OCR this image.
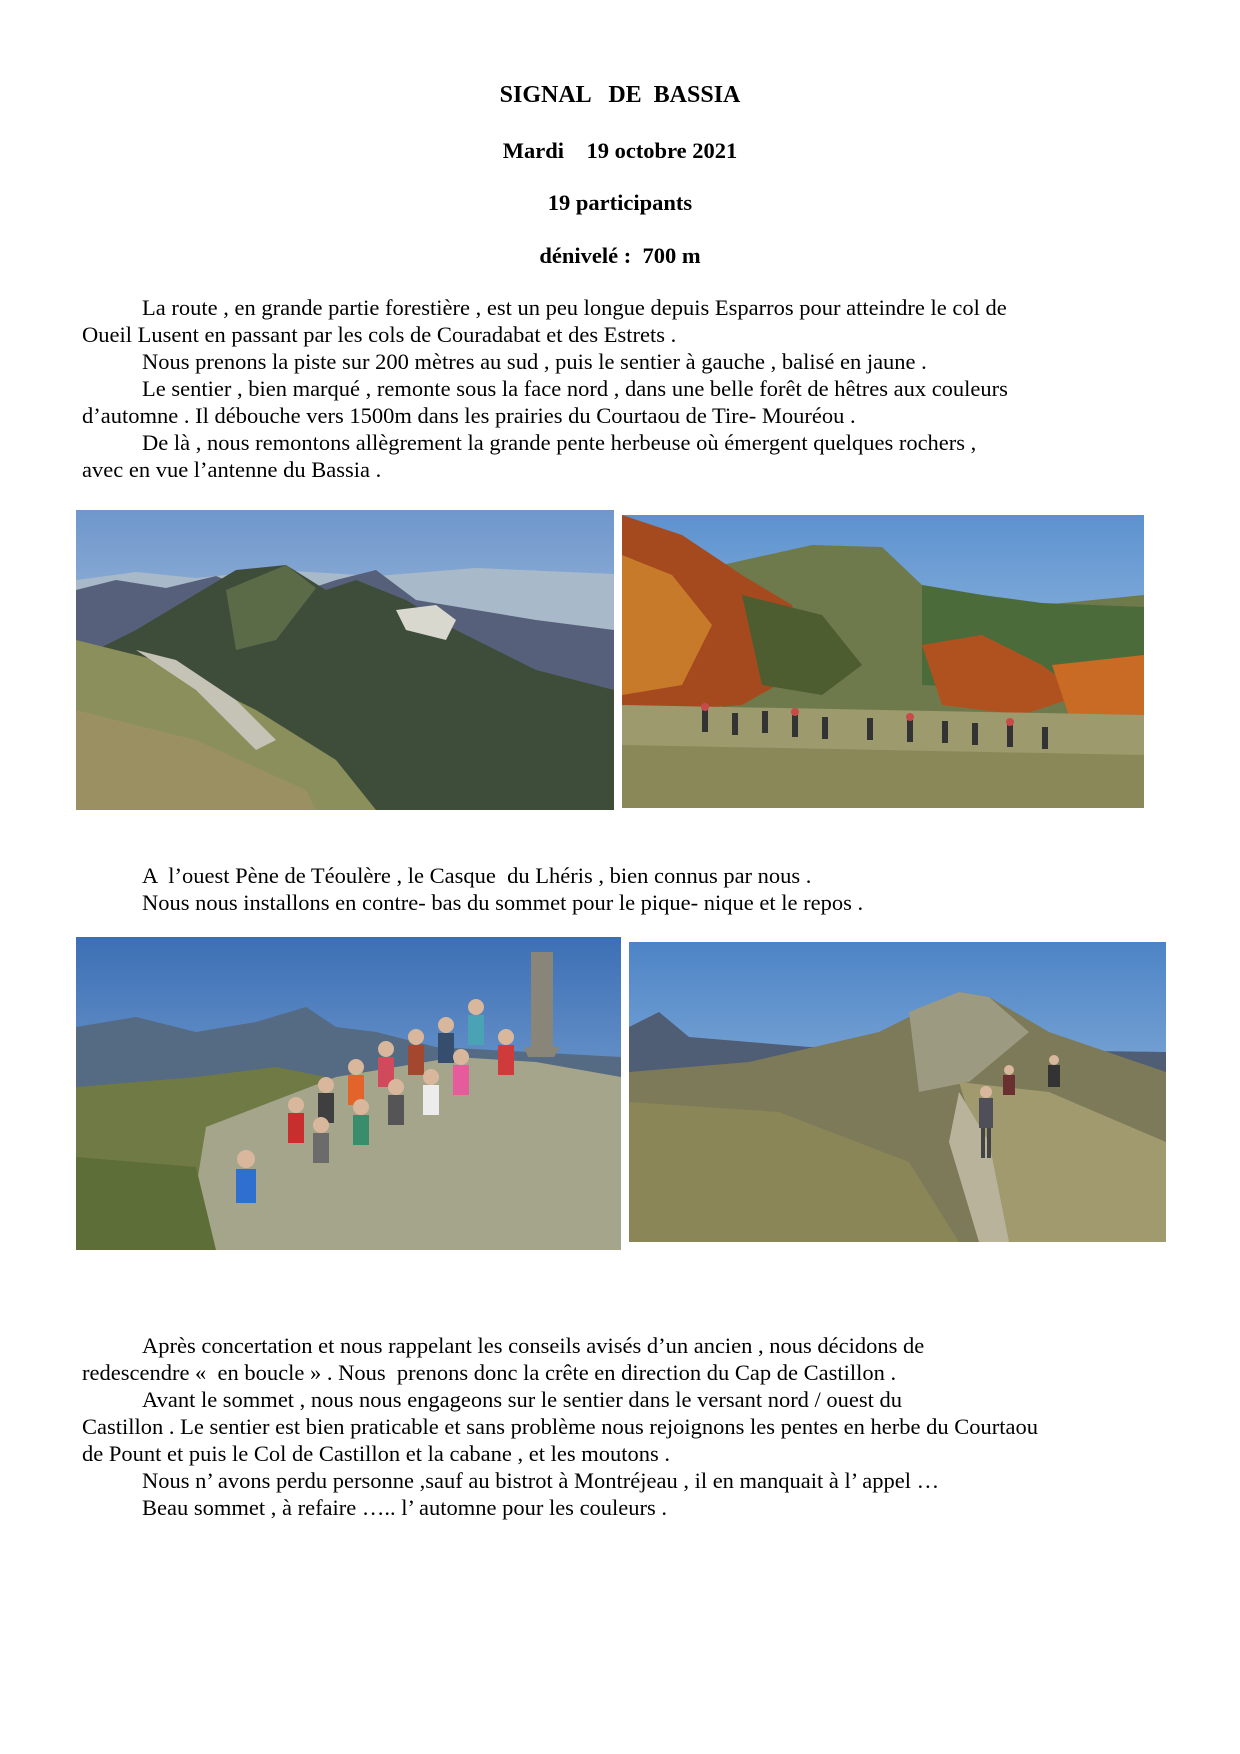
SIGNAL   DE  BASSIA
Mardi    19 octobre 2021
19 participants
dénivelé :  700 m
La route , en grande partie forestière , est un peu longue depuis Esparros pour atteindre le col de
Oueil Lusent en passant par les cols de Couradabat et des Estrets .
Nous prenons la piste sur 200 mètres au sud , puis le sentier à gauche , balisé en jaune .
Le sentier , bien marqué , remonte sous la face nord , dans une belle forêt de hêtres aux couleurs
d’automne . Il débouche vers 1500m dans les prairies du Courtaou de Tire- Mouréou .
De là , nous remontons allègrement la grande pente herbeuse où émergent quelques rochers ,
avec en vue l’antenne du Bassia .
A  l’ouest Pène de Téoulère , le Casque  du Lhéris , bien connus par nous .
Nous nous installons en contre- bas du sommet pour le pique- nique et le repos .
Après concertation et nous rappelant les conseils avisés d’un ancien , nous décidons de
redescendre «  en boucle » . Nous  prenons donc la crête en direction du Cap de Castillon .
Avant le sommet , nous nous engageons sur le sentier dans le versant nord / ouest du
Castillon . Le sentier est bien praticable et sans problème nous rejoignons les pentes en herbe du Courtaou
de Pount et puis le Col de Castillon et la cabane , et les moutons .
Nous n’ avons perdu personne ,sauf au bistrot à Montréjeau , il en manquait à l’ appel …
Beau sommet , à refaire ….. l’ automne pour les couleurs .
